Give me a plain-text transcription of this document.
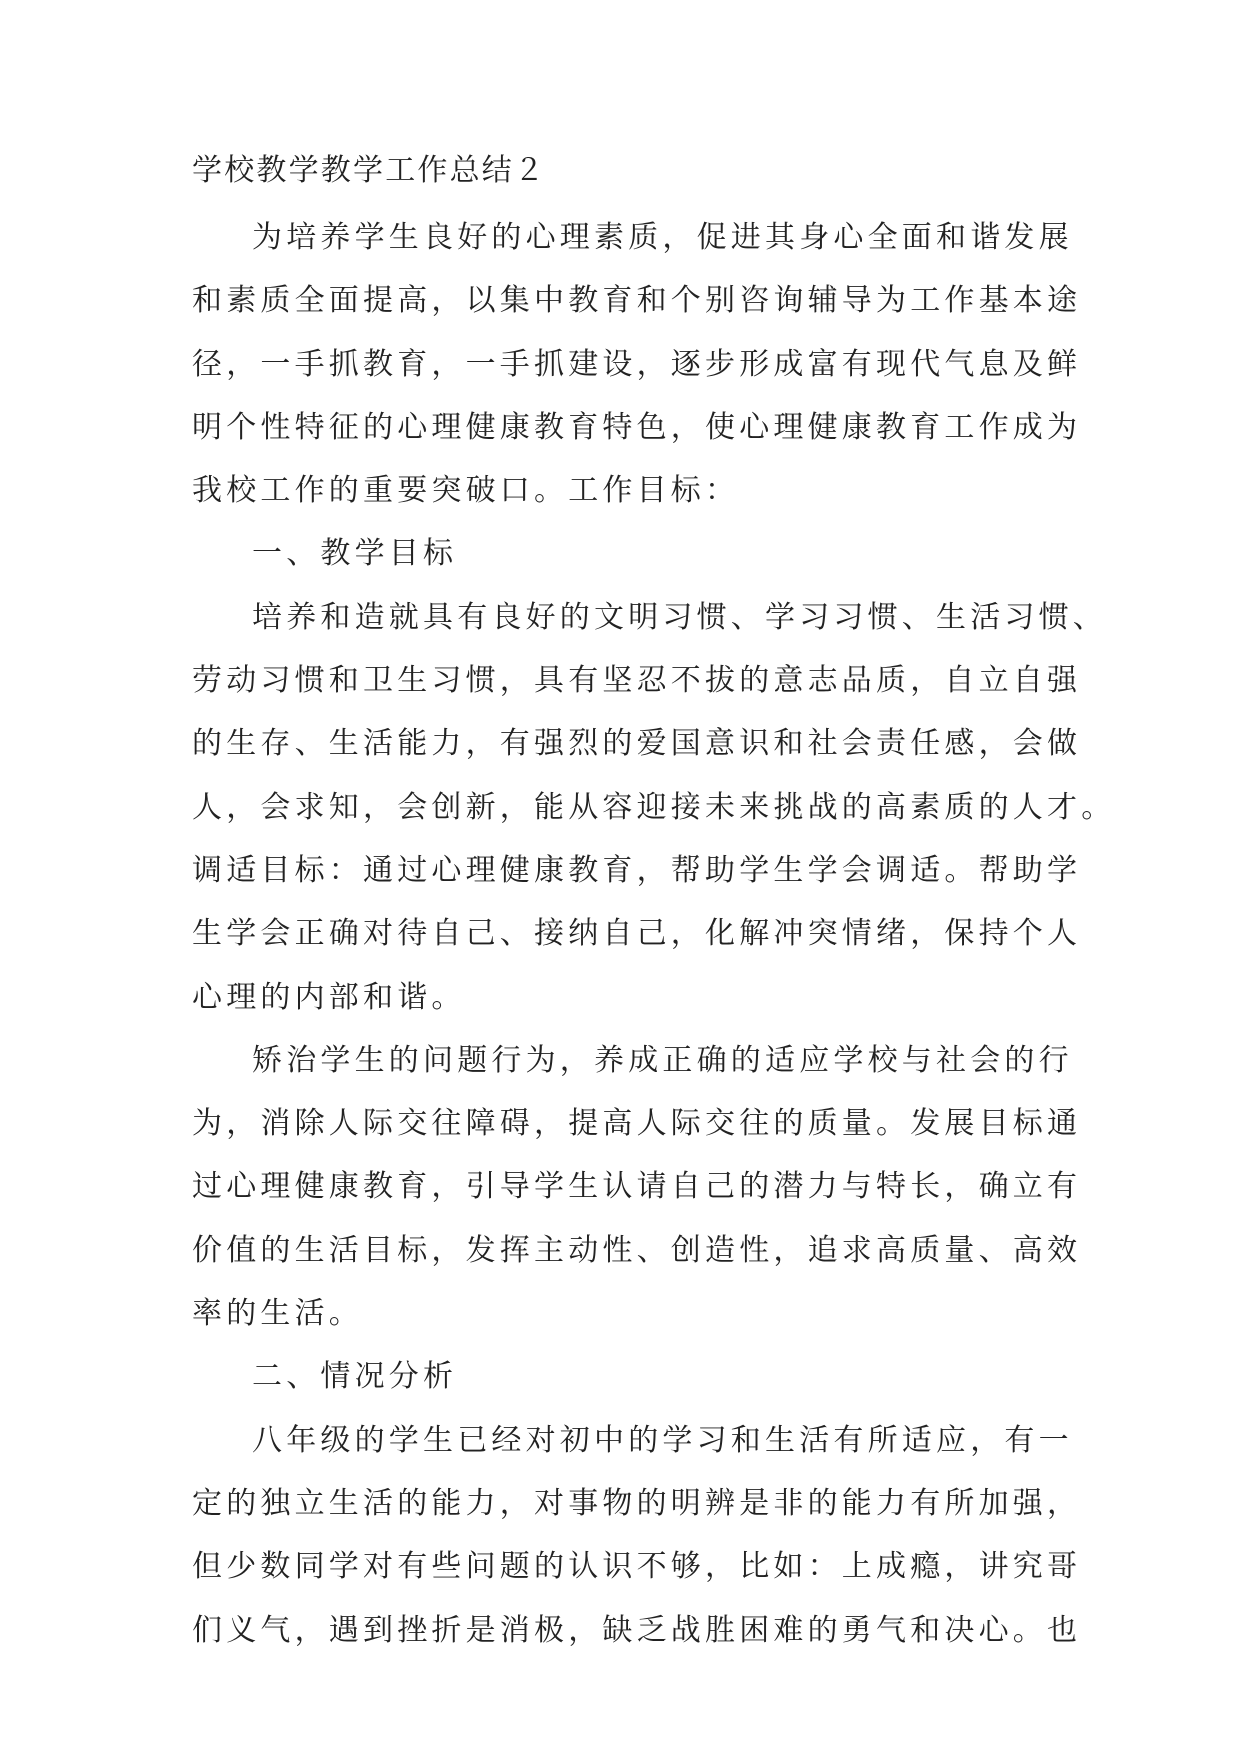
学校教学教学工作总结２
为培养学生良好的心理素质，促进其身心全面和谐发展
和素质全面提高，以集中教育和个别咨询辅导为工作基本途
径，一手抓教育，一手抓建设，逐步形成富有现代气息及鲜
明个性特征的心理健康教育特色，使心理健康教育工作成为
我校工作的重要突破口。工作目标：
一、教学目标
培养和造就具有良好的文明习惯、学习习惯、生活习惯、
劳动习惯和卫生习惯，具有坚忍不拔的意志品质，自立自强
的生存、生活能力，有强烈的爱国意识和社会责任感，会做
人，会求知，会创新，能从容迎接未来挑战的高素质的人才。
调适目标：通过心理健康教育，帮助学生学会调适。帮助学
生学会正确对待自己、接纳自己，化解冲突情绪，保持个人
心理的内部和谐。
矫治学生的问题行为，养成正确的适应学校与社会的行
为，消除人际交往障碍，提高人际交往的质量。发展目标通
过心理健康教育，引导学生认请自己的潜力与特长，确立有
价值的生活目标，发挥主动性、创造性，追求高质量、高效
率的生活。
二、情况分析
八年级的学生已经对初中的学习和生活有所适应，有一
定的独立生活的能力，对事物的明辨是非的能力有所加强，
但少数同学对有些问题的认识不够，比如：上成瘾，讲究哥
们义气，遇到挫折是消极，缺乏战胜困难的勇气和决心。也
